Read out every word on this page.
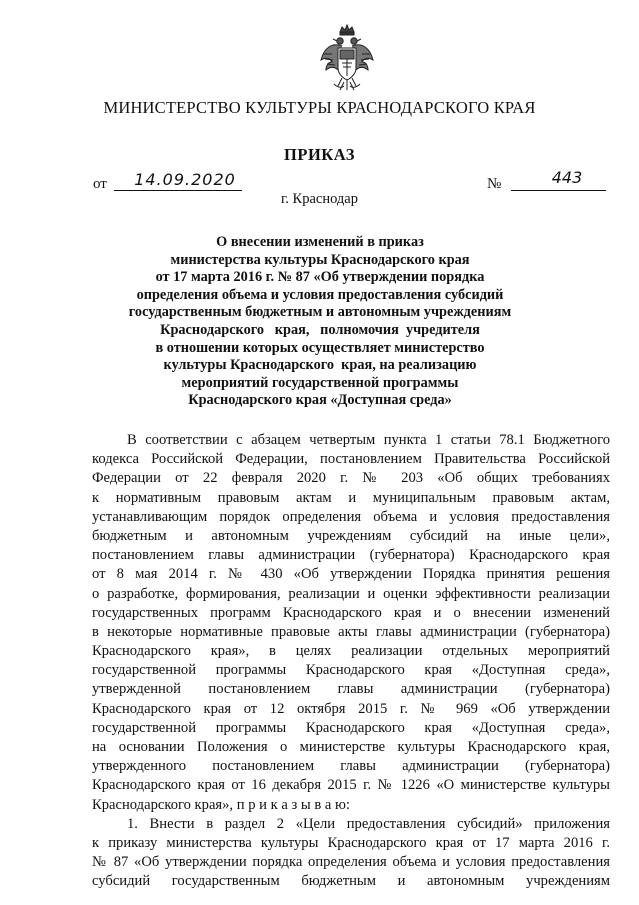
МИНИСТЕРСТВО КУЛЬТУРЫ КРАСНОДАРСКОГО КРАЯ
ПРИКАЗ
от	14.09.2020	№	443
г. Краснодар
О внесении изменений в приказ
министерства культуры Краснодарского края
от 17 марта 2016 г. № 87 «Об утверждении порядка
определения объема и условия предоставления субсидий
государственным бюджетным и автономным учреждениям
Краснодарского   края,   полномочия  учредителя
в отношении которых осуществляет министерство
культуры Краснодарского  края, на реализацию
мероприятий государственной программы
Краснодарского края «Доступная среда»
В соответствии с абзацем четвертым пункта 1 статьи 78.1 Бюджетного
кодекса Российской Федерации, постановлением Правительства Российской
Федерации от 22 февраля 2020 г. № 203 «Об общих требованиях
к нормативным правовым актам и муниципальным правовым актам,
устанавливающим порядок определения объема и условия предоставления
бюджетным и автономным учреждениям субсидий на иные цели»,
постановлением главы администрации (губернатора) Краснодарского края
от 8 мая 2014 г. № 430 «Об утверждении Порядка принятия решения
о разработке, формирования, реализации и оценки эффективности реализации
государственных программ Краснодарского края и о внесении изменений
в некоторые нормативные правовые акты главы администрации (губернатора)
Краснодарского края», в целях реализации отдельных мероприятий
государственной программы Краснодарского края «Доступная среда»,
утвержденной постановлением главы администрации (губернатора)
Краснодарского края от 12 октября 2015 г. № 969 «Об утверждении
государственной программы Краснодарского края «Доступная среда»,
на основании Положения о министерстве культуры Краснодарского края,
утвержденного постановлением главы администрации (губернатора)
Краснодарского края от 16 декабря 2015 г. № 1226 «О министерстве культуры
Краснодарского края», п р и к а з ы в а ю:
1. Внести в раздел 2 «Цели предоставления субсидий» приложения
к приказу министерства культуры Краснодарского края от 17 марта 2016 г.
№ 87 «Об утверждении порядка определения объема и условия предоставления
субсидий государственным бюджетным и автономным учреждениям
